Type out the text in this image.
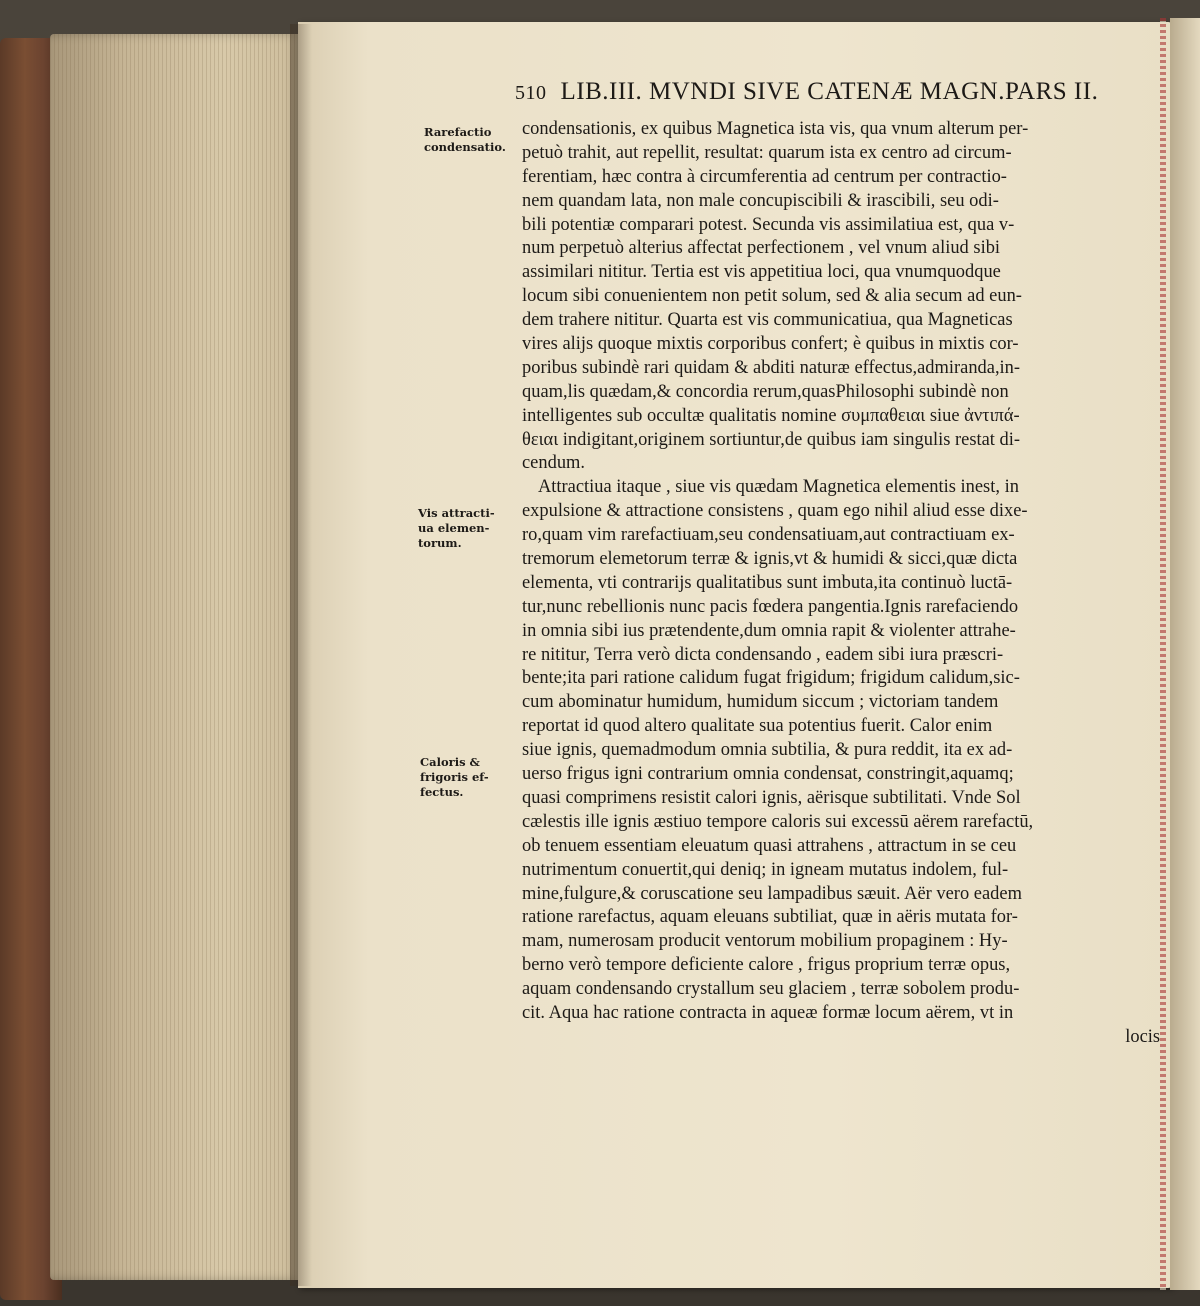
510 LIB.III. MVNDI SIVE CATENÆ MAGN.PARS II.
Rarefactio
condensatio.
Vis attracti-
ua elemen-
torum.
Caloris &
frigoris ef-
fectus.
condensationis, ex quibus Magnetica ista vis, qua vnum alterum per-
petuò trahit, aut repellit, resultat: quarum ista ex centro ad circum-
ferentiam, hæc contra à circumferentia ad centrum per contractio-
nem quandam lata, non male concupiscibili & irascibili, seu odi-
bili potentiæ comparari potest. Secunda vis assimilatiua est, qua v-
num perpetuò alterius affectat perfectionem , vel vnum aliud sibi
assimilari nititur. Tertia est vis appetitiua loci, qua vnumquodque
locum sibi conuenientem non petit solum, sed & alia secum ad eun-
dem trahere nititur. Quarta est vis communicatiua, qua Magneticas
vires alijs quoque mixtis corporibus confert; è quibus in mixtis cor-
poribus subindè rari quidam & abditi naturæ effectus,admiranda,in-
quam,lis quædam,& concordia rerum,quasPhilosophi subindè non
intelligentes sub occultæ qualitatis nomine συμπαθειαι siue ἀντιπά-
θειαι indigitant,originem sortiuntur,de quibus iam singulis restat di-
cendum.
Attractiua itaque , siue vis quædam Magnetica elementis inest, in
expulsione & attractione consistens , quam ego nihil aliud esse dixe-
ro,quam vim rarefactiuam,seu condensatiuam,aut contractiuam ex-
tremorum elemetorum terræ & ignis,vt & humidi & sicci,quæ dicta
elementa, vti contrarijs qualitatibus sunt imbuta,ita continuò luctā-
tur,nunc rebellionis nunc pacis fœdera pangentia.Ignis rarefaciendo
in omnia sibi ius prætendente,dum omnia rapit & violenter attrahe-
re nititur, Terra verò dicta condensando , eadem sibi iura præscri-
bente;ita pari ratione calidum fugat frigidum; frigidum calidum,sic-
cum abominatur humidum, humidum siccum ; victoriam tandem
reportat id quod altero qualitate sua potentius fuerit. Calor enim
siue ignis, quemadmodum omnia subtilia, & pura reddit, ita ex ad-
uerso frigus igni contrarium omnia condensat, constringit,aquamq;
quasi comprimens resistit calori ignis, aërisque subtilitati. Vnde Sol
cælestis ille ignis æstiuo tempore caloris sui excessū aërem rarefactū,
ob tenuem essentiam eleuatum quasi attrahens , attractum in se ceu
nutrimentum conuertit,qui deniq; in igneam mutatus indolem, ful-
mine,fulgure,& coruscatione seu lampadibus sæuit. Aër vero eadem
ratione rarefactus, aquam eleuans subtiliat, quæ in aëris mutata for-
mam, numerosam producit ventorum mobilium propaginem : Hy-
berno verò tempore deficiente calore , frigus proprium terræ opus,
aquam condensando crystallum seu glaciem , terræ sobolem produ-
cit. Aqua hac ratione contracta in aqueæ formæ locum aërem, vt in
locis
